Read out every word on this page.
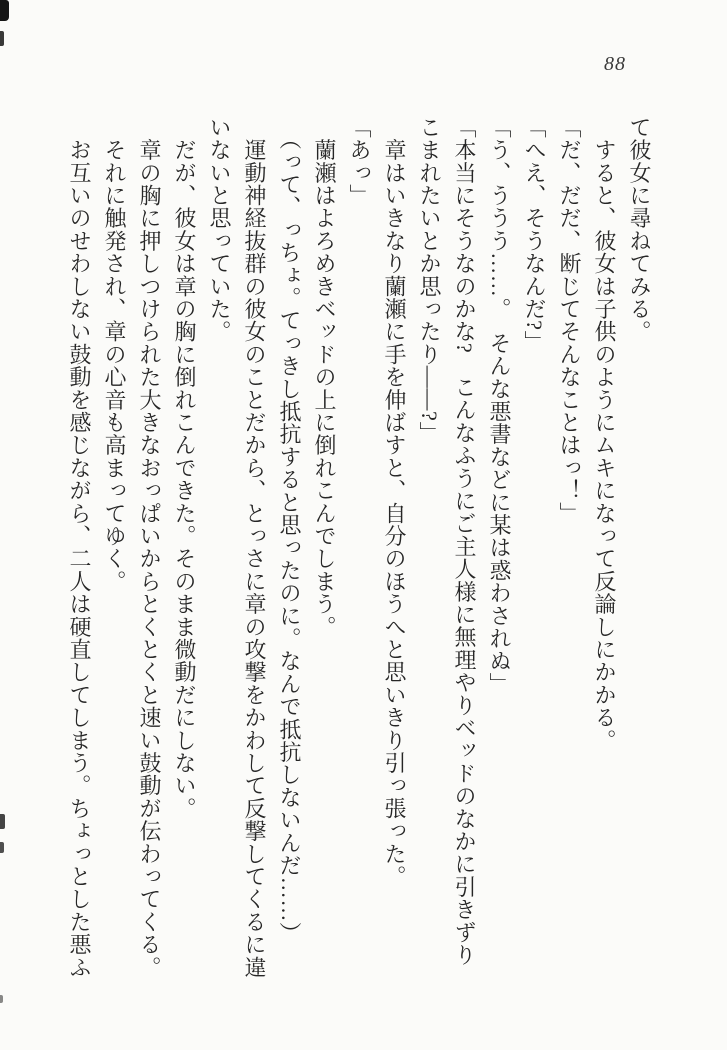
88

て彼女に尋ねてみる。

　すると、彼女は子供のようにムキになって反論しにかかる。

「だ、だだ、断じてそんなことはっ！」

「へえ、そうなんだ?」

「う、ううう……。　そんな悪書などに某は惑わされぬ」

「本当にそうなのかな?　こんなふうにご主人様に無理やりベッドのなかに引きずり

こまれたいとか思ったり――?」

　章はいきなり蘭瀬に手を伸ばすと、自分のほうへと思いきり引っ張った。

「あっ」

　蘭瀬はよろめきベッドの上に倒れこんでしまう。

　（って、っちょ。てっきし抵抗すると思ったのに。なんで抵抗しないんだ……）

　運動神経抜群の彼女のことだから、とっさに章の攻撃をかわして反撃してくるに違

いないと思っていた。

　だが、彼女は章の胸に倒れこんできた。そのまま微動だにしない。

　章の胸に押しつけられた大きなおっぱいからとくとくと速い鼓動が伝わってくる。

　それに触発され、章の心音も高まってゆく。

　お互いのせわしない鼓動を感じながら、二人は硬直してしまう。ちょっとした悪ふ
